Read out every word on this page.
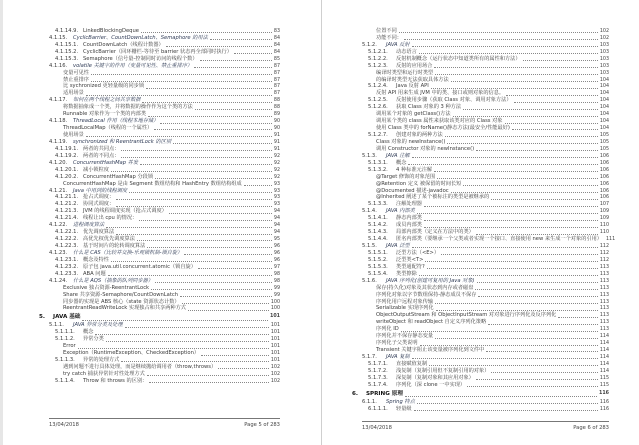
4.1.14.9. LinkedBlockingDeque	83
4.1.15.	CyclicBarrier、CountDownLatch、Semaphore 的用法	84
4.1.15.1. CountDownLatch（线程计数器）	84
4.1.15.2. CyclicBarrier（回环栅栏-等待至 barrier 状态再全部同时执行）	84
4.1.15.3. Semaphore（信号量-控制同时访问的线程个数）	85
4.1.16.	volatile 关键字的作用（变量可见性、禁止重排序）	87
变量可见性	87
禁止重排序	87
比 sychronized 更轻量级的同步锁	87
适用场景	87
4.1.17.	如何在两个线程之间共享数据	88
将数据抽象成一个类，并将数据的操作作为这个类的方法	88
Runnable 对象作为一个类的内部类	89
4.1.18.	ThreadLocal 作用（线程本地存储）	90
ThreadLocalMap（线程的一个属性）	90
使用场景	91
4.1.19.	synchronized 和 ReentrantLock 的区别	91
4.1.19.1. 两者的共同点：	91
4.1.19.2. 两者的不同点：	92
4.1.20.	ConcurrentHashMap 并发	92
4.1.20.1. 减小锁粒度	92
4.1.20.2. ConcurrentHashMap 分段锁	92
ConcurrentHashMap 是由 Segment 数组结构和 HashEntry 数组结构组成	93
4.1.21.	Java 中用到的线程调度	93
4.1.21.1. 抢占式调度：	93
4.1.21.2. 协同式调度：	93
4.1.21.3. JVM 的线程调度实现（抢占式调度）	94
4.1.21.4. 线程让出 cpu 的情况：	94
4.1.22.	进程调度算法	94
4.1.22.1. 优先调度算法	94
4.1.22.2. 高优先权优先调度算法	95
4.1.22.3. 基于时间片的轮转调度算法	96
4.1.23.	什么是 CAS（比较并交换-乐观锁机制-锁自旋）	96
4.1.23.1. 概念及特性	96
4.1.23.2. 原子包 java.util.concurrent.atomic（锁自旋）	97
4.1.23.3. ABA 问题	98
4.1.24.	什么是 AQS（抽象的队列同步器）	98
Exclusive 独占资源-ReentrantLock	99
Share 共享资源-Semaphore/CountDownLatch	99
同步器的实现是 ABS 核心（state 资源状态计数）	100
ReentrantReadWriteLock 实现独占和共享两种方式	100
5.	JAVA 基础	101
5.1.1.	JAVA 异常分类及处理	101
5.1.1.1.	概念	101
5.1.1.2.	异常分类	101
Error	101
Exception（RuntimeException、CheckedException）	101
5.1.1.3.	异常的处理方式	101
遇到问题不进行具体处理，而是继续抛给调用者（throw,throws）	102
try catch 捕获异常针对性处理方式	102
5.1.1.4.	Throw 和 throws 的区别：	102
13/04/2018	Page 5 of 283
位置不同	102
功能不同：	102
5.1.2.	JAVA 反射	103
5.1.2.1.	动态语言	103
5.1.2.2.	反射机制概念（运行状态中知道类所有的属性和方法）	103
5.1.2.3.	反射的应用场合	103
编译时类型和运行时类型	103
的编译时类型无法获取具体方法	104
5.1.2.4.	Java 反射 API	104
反射 API 用来生成 JVM 中的类、接口或则对象的信息。	104
5.1.2.5.	反射使用步骤（获取 Class 对象、调用对象方法）	104
5.1.2.6.	获取 Class 对象的 3 种方法	104
调用某个对象的 getClass()方法	104
调用某个类的 class 属性来获取该类对应的 Class 对象	104
使用 Class 类中的 forName()静态方法(最安全/性能最好)	104
5.1.2.7.	创建对象的两种方法	105
Class 对象的 newInstance()	105
调用 Constructor 对象的 newInstance()	105
5.1.3.	JAVA 注解	106
5.1.3.1.	概念	106
5.1.3.2.	4 种标准元注解	106
@Target 修饰的对象范围	106
@Retention 定义 被保留的时间长短	106
@Documented 描述-javadoc	106
@Inherited 阐述了某个被标注的类型是被继承的	106
5.1.3.3.	注解处理器	107
5.1.4.	JAVA 内部类	109
5.1.4.1.	静态内部类	109
5.1.4.2.	成员内部类	110
5.1.4.3.	局部内部类（定义在方法中的类）	110
5.1.4.4.	匿名内部类（要继承一个父类或者实现一个接口、直接使用 new 来生成一个对象的引用） 111
5.1.5.	JAVA 泛型	112
5.1.5.1.	泛型方法（<E>）	112
5.1.5.2.	泛型类<T>	112
5.1.5.3.	类型通配符?	113
5.1.5.4.	类型擦除	113
5.1.6.	JAVA 序列化(创建可复用的 Java 对象)	113
保存(持久化)对象及其状态到内存或者磁盘	113
序列化对象以字节数组保持-静态成员不保存	113
序列化用户远程对象传输	113
Serializable 实现序列化	113
ObjectOutputStream 和 ObjectInputStream 对对象进行序列化及反序列化	113
writeObject 和 readObject 自定义序列化策略	113
序列化 ID	113
序列化并不保存静态变量	114
序列化子父类说明	114
Transient 关键字阻止该变量被序列化到文件中	114
5.1.7.	JAVA 复制	114
5.1.7.1.	直接赋值复制	114
5.1.7.2.	浅复制（复制引用但不复制引用的对象）	114
5.1.7.3.	深复制（复制对象和其应用对象）	115
5.1.7.4.	序列化（深 clone 一中实现）	115
6.	SPRING 原理	116
6.1.1.	Spring 特点	116
6.1.1.1.	轻量级	116
13/04/2018	Page 6 of 283
